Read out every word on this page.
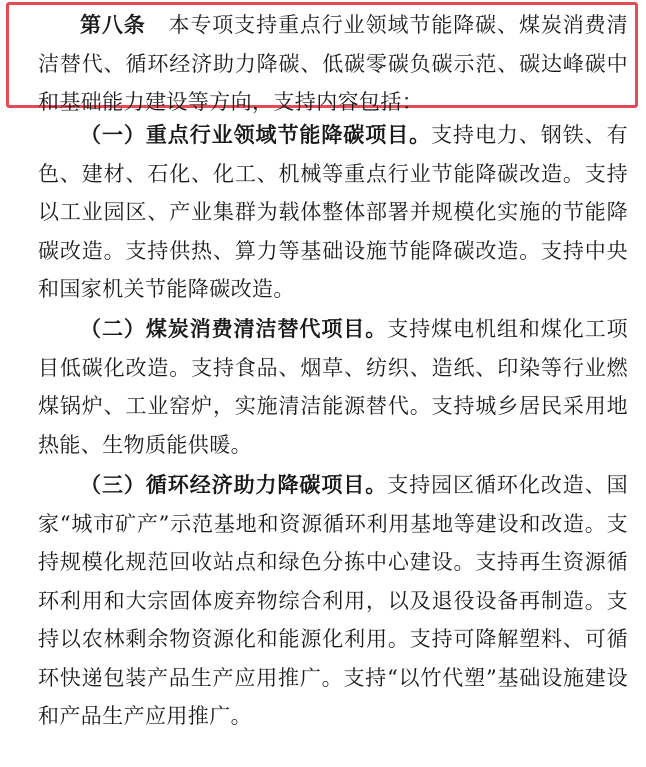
第八条 本专项支持重点行业领域节能降碳、煤炭消费清洁替代、循环经济助力降碳、低碳零碳负碳示范、碳达峰碳中和基础能力建设等方向，支持内容包括：

（一）重点行业领域节能降碳项目。支持电力、钢铁、有色、建材、石化、化工、机械等重点行业节能降碳改造。支持以工业园区、产业集群为载体整体部署并规模化实施的节能降碳改造。支持供热、算力等基础设施节能降碳改造。支持中央和国家机关节能降碳改造。

（二）煤炭消费清洁替代项目。支持煤电机组和煤化工项目低碳化改造。支持食品、烟草、纺织、造纸、印染等行业燃煤锅炉、工业窑炉，实施清洁能源替代。支持城乡居民采用地热能、生物质能供暖。

（三）循环经济助力降碳项目。支持园区循环化改造、国家“城市矿产”示范基地和资源循环利用基地等建设和改造。支持规模化规范回收站点和绿色分拣中心建设。支持再生资源循环利用和大宗固体废弃物综合利用，以及退役设备再制造。支持以农林剩余物资源化和能源化利用。支持可降解塑料、可循环快递包装产品生产应用推广。支持“以竹代塑”基础设施建设和产品生产应用推广。
